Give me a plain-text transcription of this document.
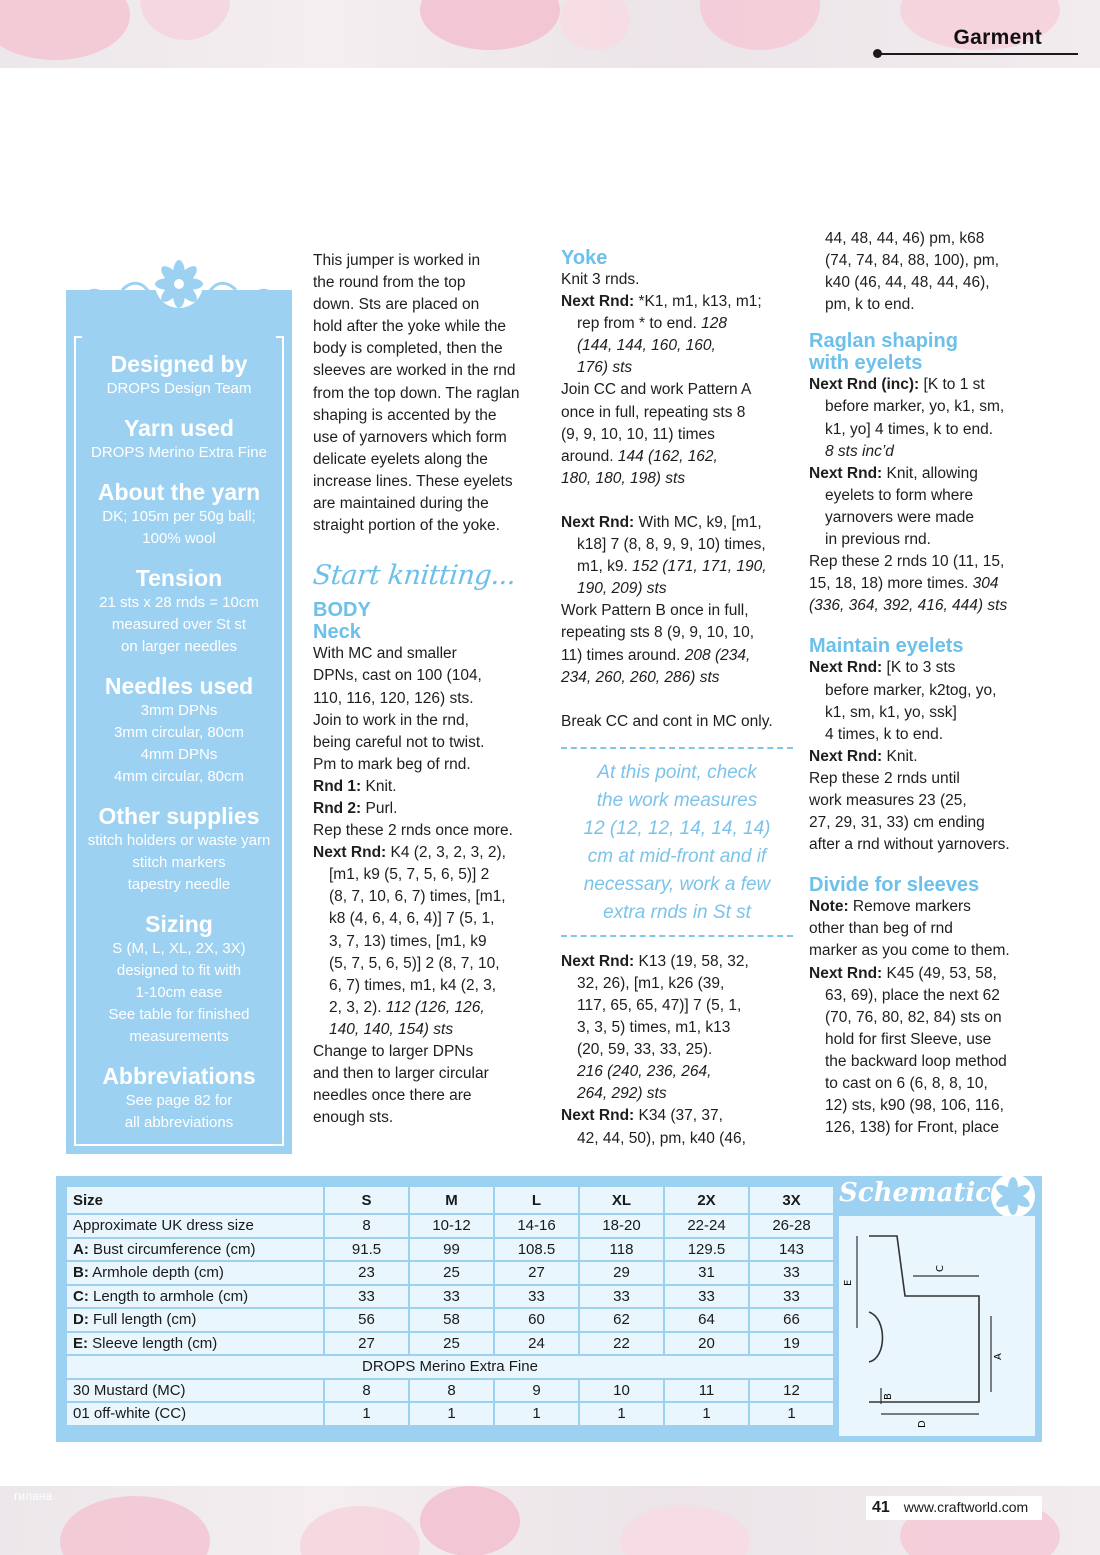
Garment
Designed by
DROPS Design Team
Yarn used
DROPS Merino Extra Fine
About the yarn
DK; 105m per 50g ball;
100% wool
Tension
21 sts x 28 rnds = 10cm
measured over St st
on larger needles
Needles used
3mm DPNs
3mm circular, 80cm
4mm DPNs
4mm circular, 80cm
Other supplies
stitch holders or waste yarn
stitch markers
tapestry needle
Sizing
S (M, L, XL, 2X, 3X)
designed to fit with
1-10cm ease
See table for finished
measurements
Abbreviations
See page 82 for
all abbreviations

This jumper is worked in

the round from the top

down. Sts are placed on

hold after the yoke while the

body is completed, then the

sleeves are worked in the rnd

from the top down. The raglan

shaping is accented by the

use of yarnovers which form

delicate eyelets along the

increase lines. These eyelets

are maintained during the

straight portion of the yoke.

Start knitting...
BODY
Neck

With MC and smaller

DPNs, cast on 100 (104,

110, 116, 120, 126) sts.

Join to work in the rnd,

being careful not to twist.

Pm to mark beg of rnd.

Rnd 1: Knit.

Rnd 2: Purl.

Rep these 2 rnds once more.

Next Rnd: K4 (2, 3, 2, 3, 2),

[m1, k9 (5, 7, 5, 6, 5)] 2

(8, 7, 10, 6, 7) times, [m1,

k8 (4, 6, 4, 6, 4)] 7 (5, 1,

3, 7, 13) times, [m1, k9

(5, 7, 5, 6, 5)] 2 (8, 7, 10,

6, 7) times, m1, k4 (2, 3,

2, 3, 2). 112 (126, 126,

140, 140, 154) sts

Change to larger DPNs

and then to larger circular

needles once there are

enough sts.

Yoke

Knit 3 rnds.

Next Rnd: *K1, m1, k13, m1;

rep from * to end. 128

(144, 144, 160, 160,

176) sts

Join CC and work Pattern A

once in full, repeating sts 8

(9, 9, 10, 10, 11) times

around. 144 (162, 162,

180, 180, 198) sts

Next Rnd: With MC, k9, [m1,

k18] 7 (8, 8, 9, 9, 10) times,

m1, k9. 152 (171, 171, 190,

190, 209) sts

Work Pattern B once in full,

repeating sts 8 (9, 9, 10, 10,

11) times around. 208 (234,

234, 260, 260, 286) sts

Break CC and cont in MC only.

At this point, check

the work measures

12 (12, 12, 14, 14, 14)

cm at mid-front and if

necessary, work a few

extra rnds in St st

Next Rnd: K13 (19, 58, 32,

32, 26), [m1, k26 (39,

117, 65, 65, 47)] 7 (5, 1,

3, 3, 5) times, m1, k13

(20, 59, 33, 33, 25).

216 (240, 236, 264,

264, 292) sts

Next Rnd: K34 (37, 37,

42, 44, 50), pm, k40 (46,

44, 48, 44, 46) pm, k68

(74, 74, 84, 88, 100), pm,

k40 (46, 44, 48, 44, 46),

pm, k to end.

Raglan shaping
with eyelets

Next Rnd (inc): [K to 1 st

before marker, yo, k1, sm,

k1, yo] 4 times, k to end.

8 sts inc’d

Next Rnd: Knit, allowing

eyelets to form where

yarnovers were made

in previous rnd.

Rep these 2 rnds 10 (11, 15,

15, 18, 18) more times. 304

(336, 364, 392, 416, 444) sts

Maintain eyelets

Next Rnd: [K to 3 sts

before marker, k2tog, yo,

k1, sm, k1, yo, ssk]

4 times, k to end.

Next Rnd: Knit.

Rep these 2 rnds until

work measures 23 (25,

27, 29, 31, 33) cm ending

after a rnd without yarnovers.

Divide for sleeves

Note: Remove markers

other than beg of rnd

marker as you come to them.

Next Rnd: K45 (49, 53, 58,

63, 69), place the next 62

(70, 76, 80, 82, 84) sts on

hold for first Sleeve, use

the backward loop method

to cast on 6 (6, 8, 8, 10,

12) sts, k90 (98, 106, 116,

126, 138) for Front, place

Size	S	M	L	XL	2X	3X
Approximate UK dress size	8	10-12	14-16	18-20	22-24	26-28
A: Bust circumference (cm)	91.5	99	108.5	118	129.5	143
B: Armhole depth (cm)	23	25	27	29	31	33
C: Length to armhole (cm)	33	33	33	33	33	33
D: Full length (cm)	56	58	60	62	64	66
E: Sleeve length (cm)	27	25	24	22	20	19
DROPS Merino Extra Fine						
30 Mustard (MC)	8	8	9	10	11	12
01 off-white (CC)	1	1	1	1	1	1
Schematic
E
C
A
B
D
гилана
41 www.craftworld.com
